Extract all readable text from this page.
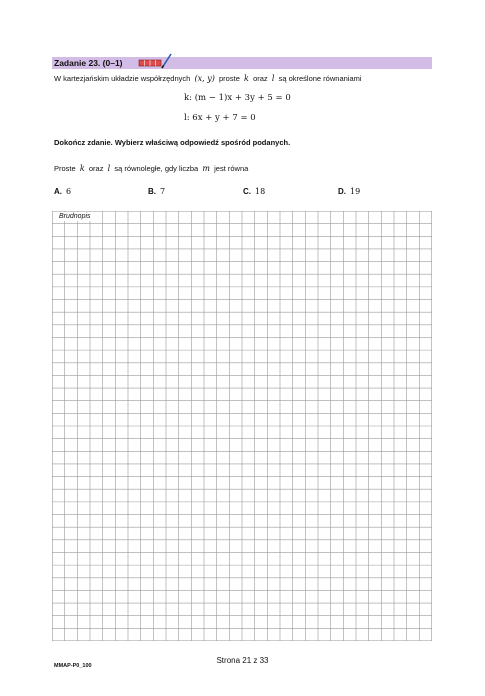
Zadanie 23. (0–1)
W kartezjańskim układzie współrzędnych (x, y) proste k oraz l są określone równaniami
k: (m − 1)x + 3y + 5 = 0
l: 6x + y + 7 = 0
Dokończ zdanie. Wybierz właściwą odpowiedź spośród podanych.
Proste k oraz l są równoległe, gdy liczba m jest równa
A. 6	B. 7	C. 18	D. 19
Brudnopis
Strona 21 z 33
MMAP-P0_100
